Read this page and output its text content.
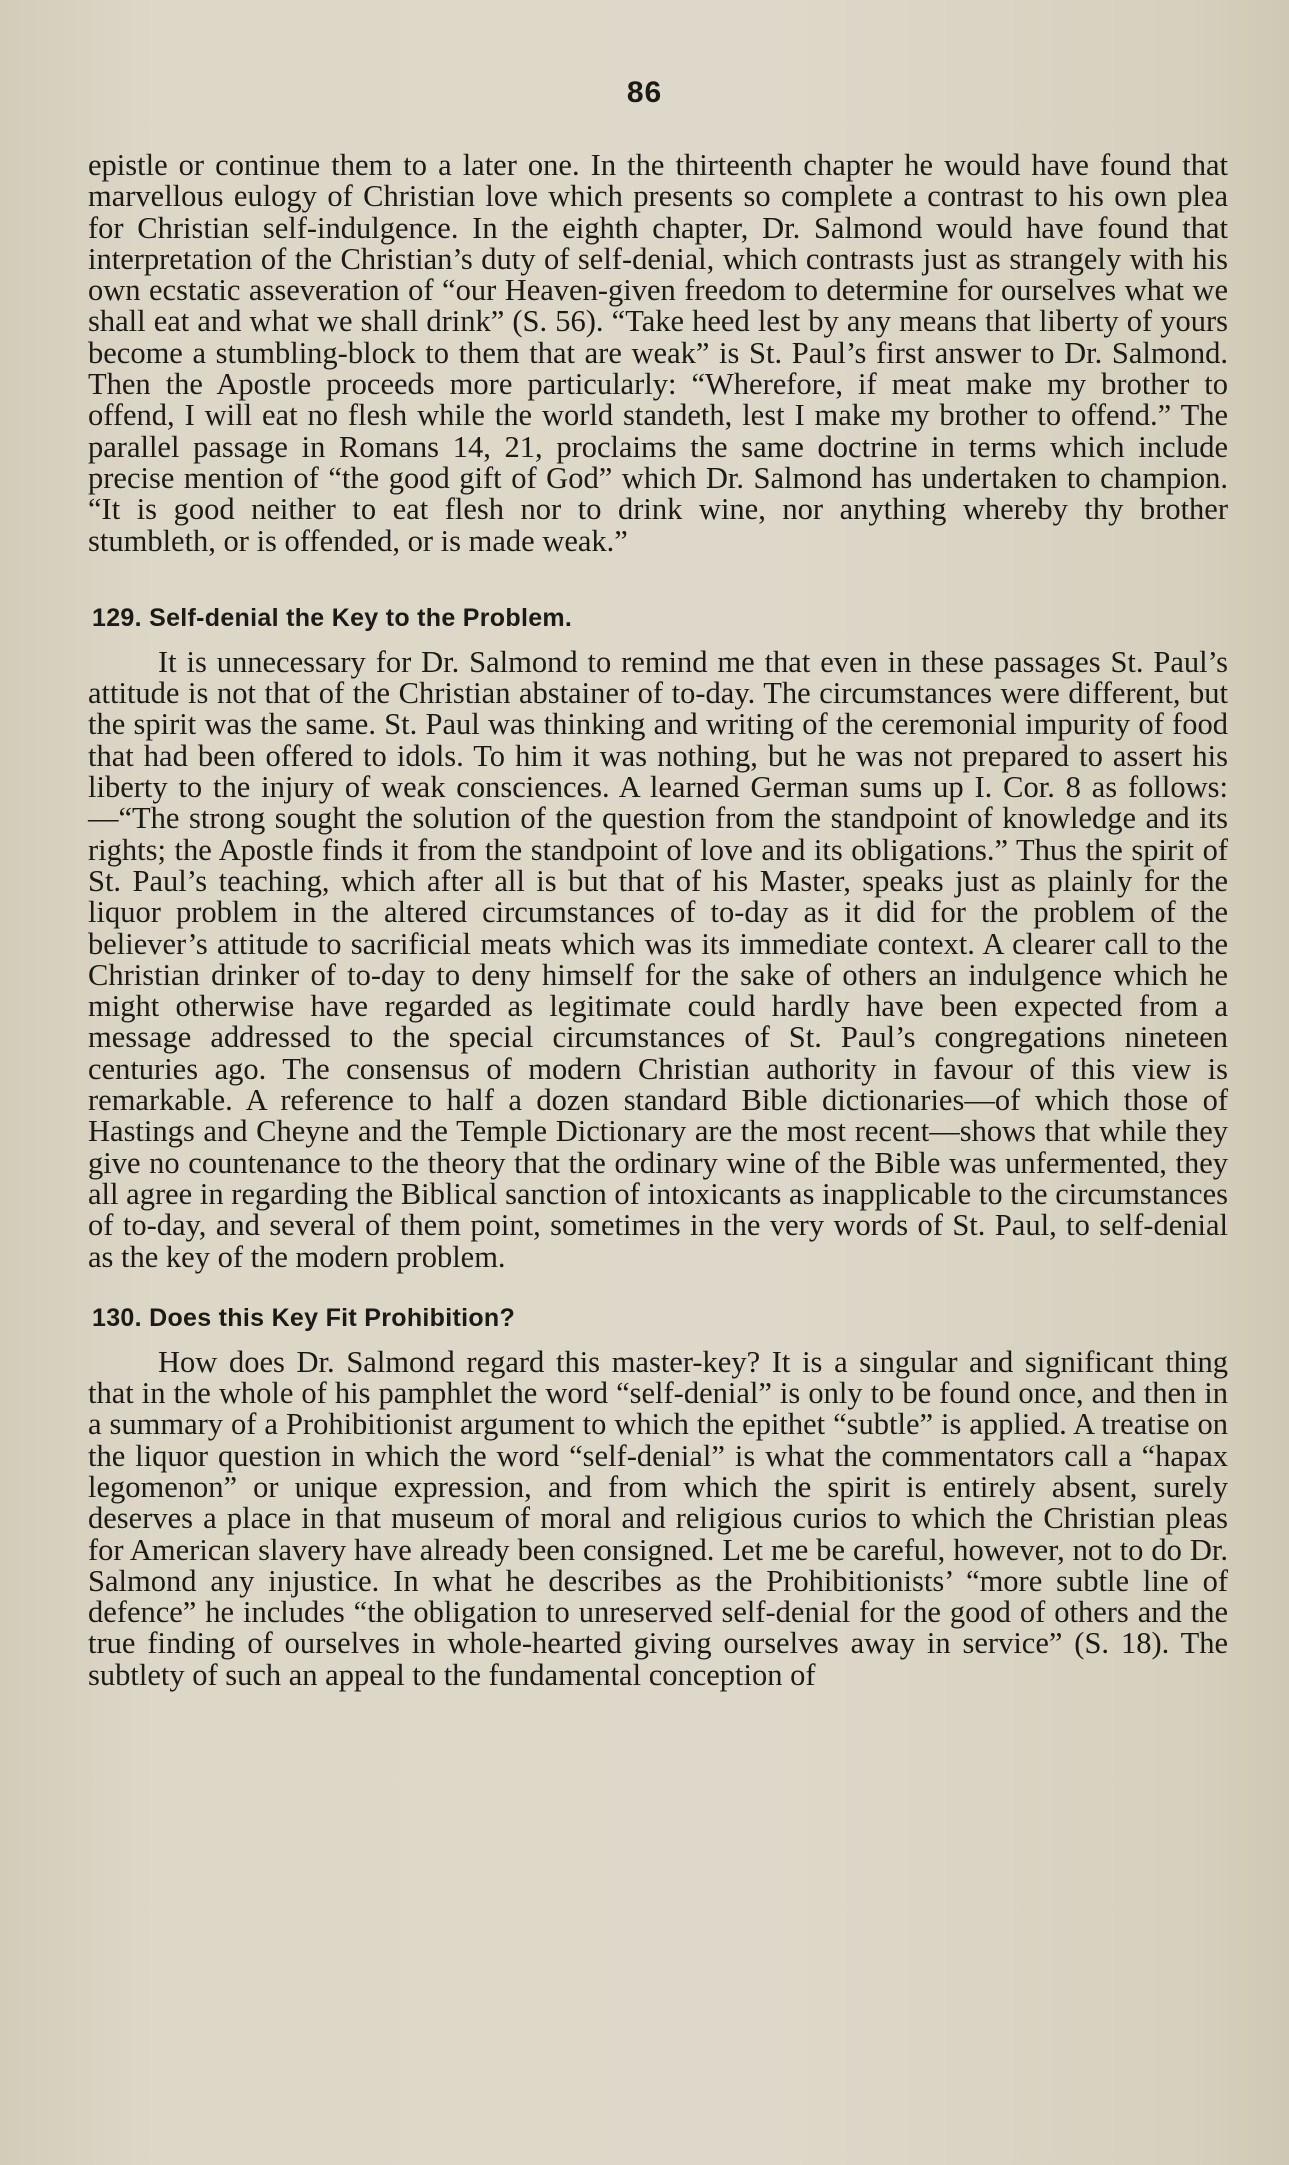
86

epistle or continue them to a later one. In the thirteenth chapter he would have found that marvellous eulogy of Christian love which presents so complete a contrast to his own plea for Christian self-indulgence. In the eighth chapter, Dr. Salmond would have found that interpretation of the Christian’s duty of self-denial, which contrasts just as strangely with his own ecstatic asseveration of “our Heaven-given freedom to determine for ourselves what we shall eat and what we shall drink” (S. 56). “Take heed lest by any means that liberty of yours become a stumbling-block to them that are weak” is St. Paul’s first answer to Dr. Salmond. Then the Apostle proceeds more particularly: “Wherefore, if meat make my brother to offend, I will eat no flesh while the world standeth, lest I make my brother to offend.” The parallel passage in Romans 14, 21, proclaims the same doctrine in terms which include precise mention of “the good gift of God” which Dr. Salmond has undertaken to champion. “It is good neither to eat flesh nor to drink wine, nor anything whereby thy brother stumbleth, or is offended, or is made weak.”

129. Self-denial the Key to the Problem.

It is unnecessary for Dr. Salmond to remind me that even in these passages St. Paul’s attitude is not that of the Christian abstainer of to-day. The circumstances were different, but the spirit was the same. St. Paul was thinking and writing of the ceremonial impurity of food that had been offered to idols. To him it was nothing, but he was not prepared to assert his liberty to the injury of weak consciences. A learned German sums up I. Cor. 8 as follows:—“The strong sought the solution of the question from the standpoint of knowledge and its rights; the Apostle finds it from the standpoint of love and its obligations.” Thus the spirit of St. Paul’s teaching, which after all is but that of his Master, speaks just as plainly for the liquor problem in the altered circumstances of to-day as it did for the problem of the believer’s attitude to sacrificial meats which was its immediate context. A clearer call to the Christian drinker of to-day to deny himself for the sake of others an indulgence which he might otherwise have regarded as legitimate could hardly have been expected from a message addressed to the special circumstances of St. Paul’s congregations nineteen centuries ago. The consensus of modern Christian authority in favour of this view is remarkable. A reference to half a dozen standard Bible dictionaries—of which those of Hastings and Cheyne and the Temple Dictionary are the most recent—shows that while they give no countenance to the theory that the ordinary wine of the Bible was unfermented, they all agree in regarding the Biblical sanction of intoxicants as inapplicable to the circumstances of to-day, and several of them point, sometimes in the very words of St. Paul, to self-denial as the key of the modern problem.

130. Does this Key Fit Prohibition?

How does Dr. Salmond regard this master-key? It is a singular and significant thing that in the whole of his pamphlet the word “self-denial” is only to be found once, and then in a summary of a Prohibitionist argument to which the epithet “subtle” is applied. A treatise on the liquor question in which the word “self-denial” is what the commentators call a “hapax legomenon” or unique expression, and from which the spirit is entirely absent, surely deserves a place in that museum of moral and religious curios to which the Christian pleas for American slavery have already been consigned. Let me be careful, however, not to do Dr. Salmond any injustice. In what he describes as the Prohibitionists’ “more subtle line of defence” he includes “the obligation to unreserved self-denial for the good of others and the true finding of ourselves in whole-hearted giving ourselves away in service” (S. 18). The subtlety of such an appeal to the fundamental conception of
